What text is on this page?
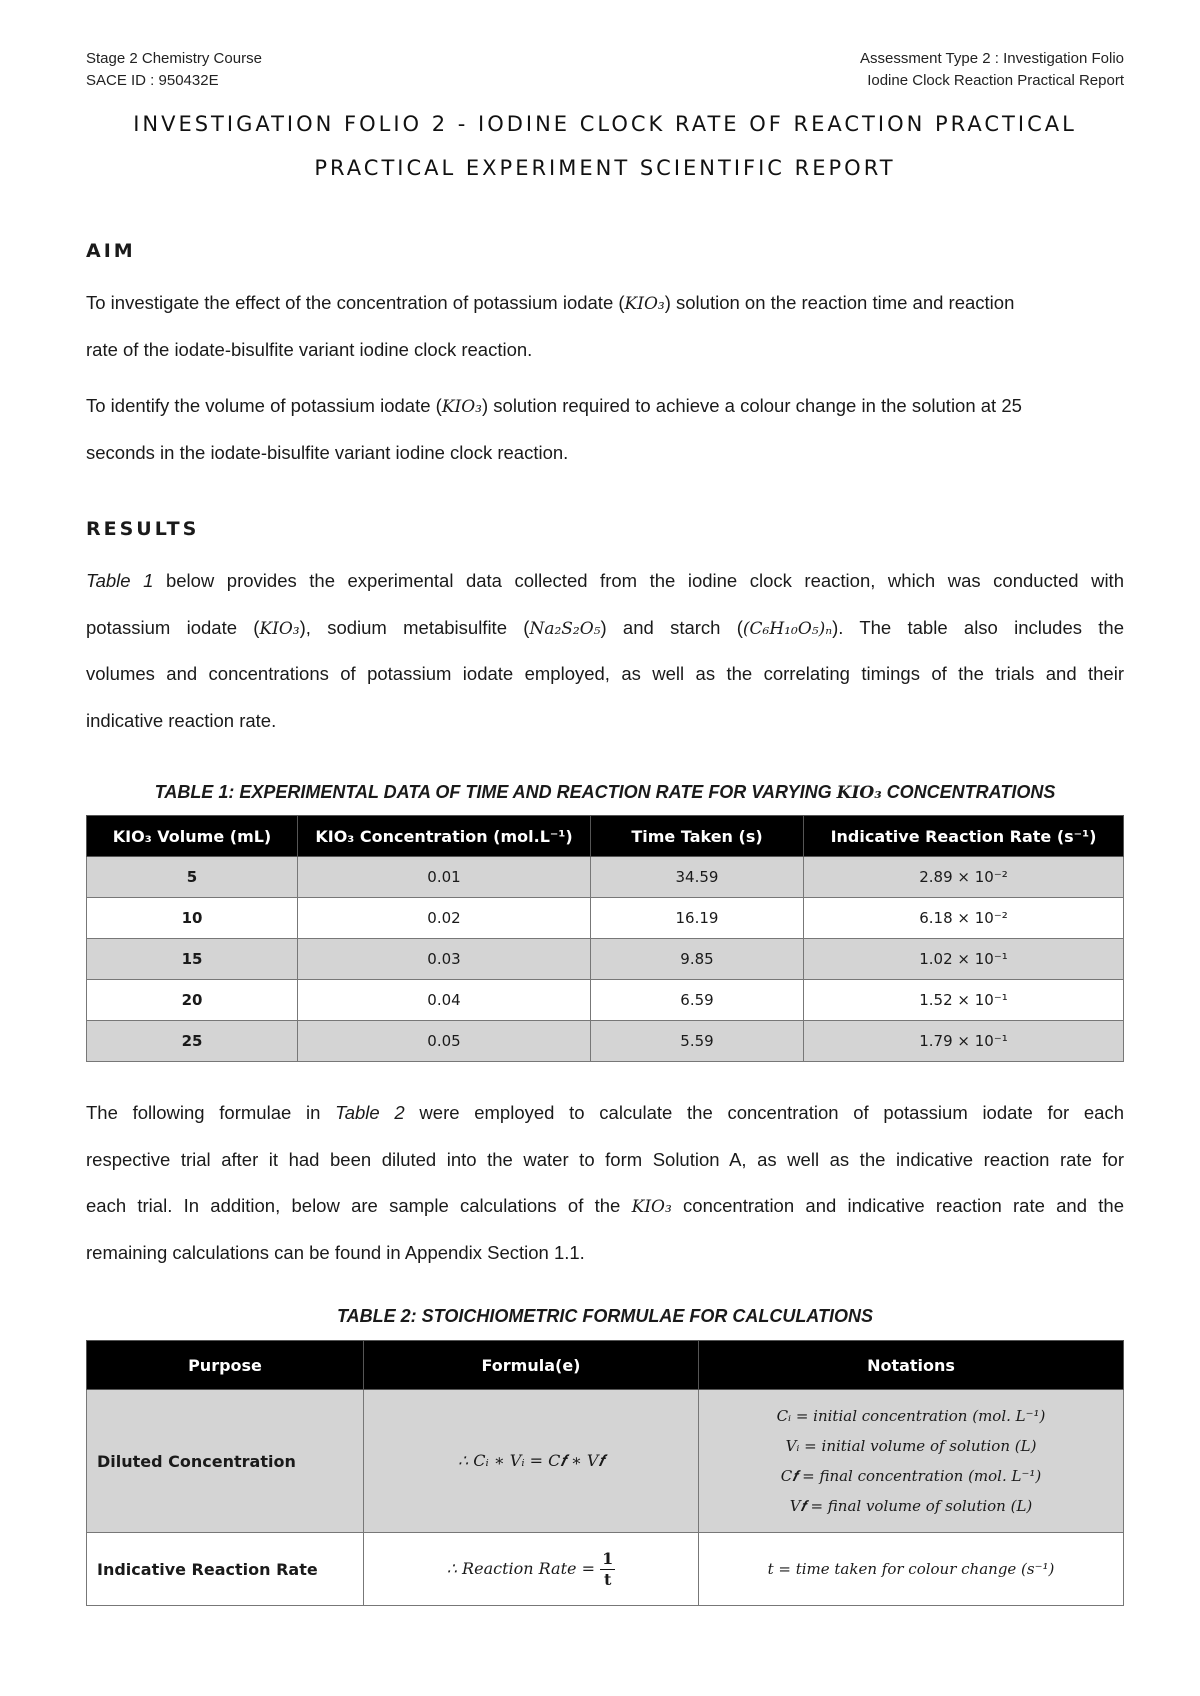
Stage 2 Chemistry Course
SACE ID : 950432E
Assessment Type 2 : Investigation Folio
Iodine Clock Reaction Practical Report
INVESTIGATION FOLIO 2 - IODINE CLOCK RATE OF REACTION PRACTICAL
PRACTICAL EXPERIMENT SCIENTIFIC REPORT
AIM
To investigate the effect of the concentration of potassium iodate (KIO₃) solution on the reaction time and reaction
rate of the iodate-bisulfite variant iodine clock reaction.
To identify the volume of potassium iodate (KIO₃) solution required to achieve a colour change in the solution at 25
seconds in the iodate-bisulfite variant iodine clock reaction.
RESULTS
Table 1 below provides the experimental data collected from the iodine clock reaction, which was conducted with
potassium iodate (KIO₃), sodium metabisulfite (Na₂S₂O₅) and starch ((C₆H₁₀O₅)ₙ). The table also includes the
volumes and concentrations of potassium iodate employed, as well as the correlating timings of the trials and their
indicative reaction rate.
TABLE 1: EXPERIMENTAL DATA OF TIME AND REACTION RATE FOR VARYING KIO₃ CONCENTRATIONS
KIO₃ Volume (mL)	KIO₃ Concentration (mol.L⁻¹)	Time Taken (s)	Indicative Reaction Rate (s⁻¹)
5	0.01	34.59	2.89 × 10⁻²
10	0.02	16.19	6.18 × 10⁻²
15	0.03	9.85	1.02 × 10⁻¹
20	0.04	6.59	1.52 × 10⁻¹
25	0.05	5.59	1.79 × 10⁻¹
The following formulae in Table 2 were employed to calculate the concentration of potassium iodate for each
respective trial after it had been diluted into the water to form Solution A, as well as the indicative reaction rate for
each trial. In addition, below are sample calculations of the KIO₃ concentration and indicative reaction rate and the
remaining calculations can be found in Appendix Section 1.1.
TABLE 2: STOICHIOMETRIC FORMULAE FOR CALCULATIONS
Purpose	Formula(e)	Notations
Diluted Concentration	∴ Cᵢ ∗ Vᵢ = C𝒇 ∗ V𝒇	Cᵢ = initial concentration (mol. L⁻¹)
Vᵢ = initial volume of solution (L)
C𝒇 = final concentration (mol. L⁻¹)
V𝒇 = final volume of solution (L)

Indicative Reaction Rate	∴ Reaction Rate = $\frac{1}{t}$	t = time taken for colour change (s⁻¹)
